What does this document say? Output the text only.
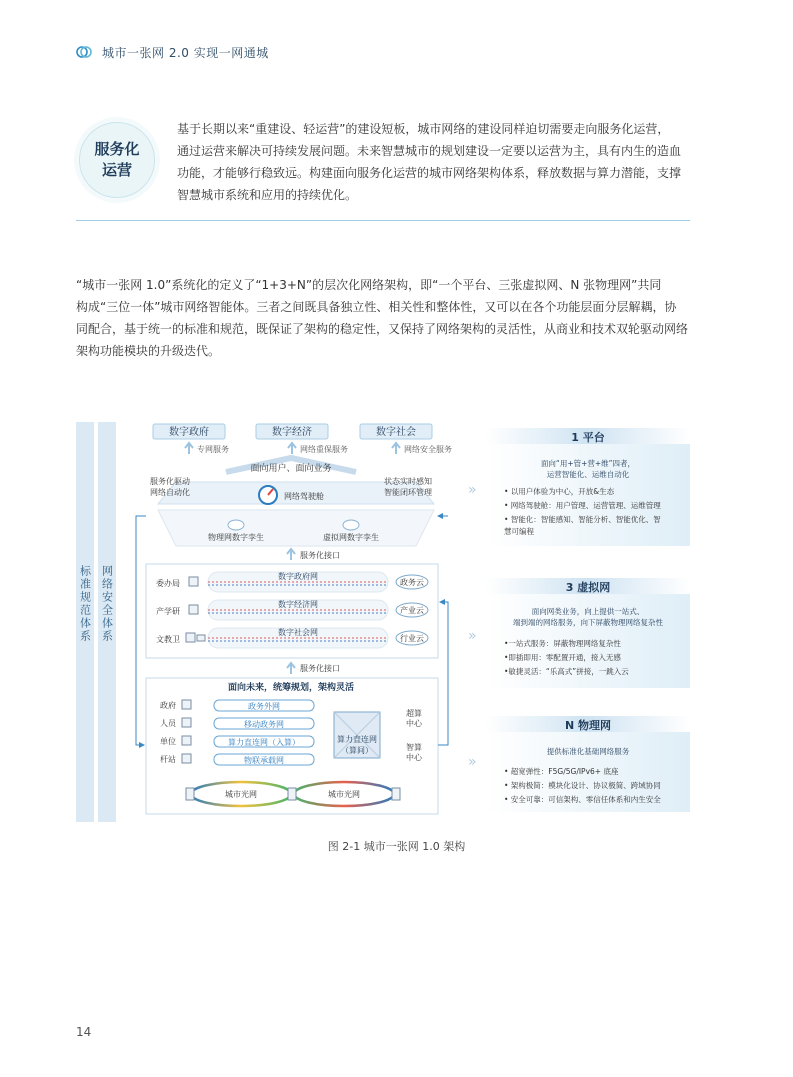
城市一张网 2.0 实现一网通城
服务化
运营
基于长期以来“重建设、轻运营”的建设短板，城市网络的建设同样迫切需要走向服务化运营，
通过运营来解决可持续发展问题。未来智慧城市的规划建设一定要以运营为主，具有内生的造血
功能，才能够行稳致远。构建面向服务化运营的城市网络架构体系，释放数据与算力潜能，支撑
智慧城市系统和应用的持续优化。
“城市一张网 1.0”系统化的定义了“1+3+N”的层次化网络架构，即“一个平台、三张虚拟网、N 张物理网”共同
构成“三位一体”城市网络智能体。三者之间既具备独立性、相关性和整体性，又可以在各个功能层面分层解耦，协
同配合，基于统一的标准和规范，既保证了架构的稳定性，又保持了网络架构的灵活性，从商业和技术双轮驱动网络
架构功能模块的升级迭代。
标准规范体系 网络安全体系
数字政府	数字经济	数字社会
专网服务	网络重保服务	网络安全服务
面向用户、面向业务
服务化驱动
网络自动化
状态实时感知
智能闭环管理
网络驾驶舱
物理网数字孪生	虚拟网数字孪生
服务化接口
委办局
数字政府网
政务云
产学研
数字经济网
产业云
文教卫
数字社会网
行业云
服务化接口
面向未来，统筹规划，架构灵活
政府	政务外网
人员	移动政务网
单位	算力直连网（入算）
杆站	物联承载网
算力直连网
（算间）
超算
中心
智算
中心
城市光网	城市光网
»
»
»
1 平台
面向“用+管+营+维”四者，
运营智能化、运维自动化
• 以用户体验为中心，开放&生态
• 网络驾驶舱：用户管理、运营管理、运维管理
• 智能化：智能感知、智能分析、智能优化、智
慧可编程
3 虚拟网
面向网类业务，向上提供一站式、
端到端的网络服务，向下屏蔽物理网络复杂性
•一站式服务：屏蔽物理网络复杂性
•即插即用：零配置开通，接入无感
•敏捷灵活：“乐高式”拼接，一跳入云
N 物理网
提供标准化基础网络服务
• 超宽弹性：F5G/5G/IPv6+ 底座
• 架构极简：模块化设计、协议极简、跨域协同
• 安全可靠：可信架构、零信任体系和内生安全
图 2-1 城市一张网 1.0 架构
14
